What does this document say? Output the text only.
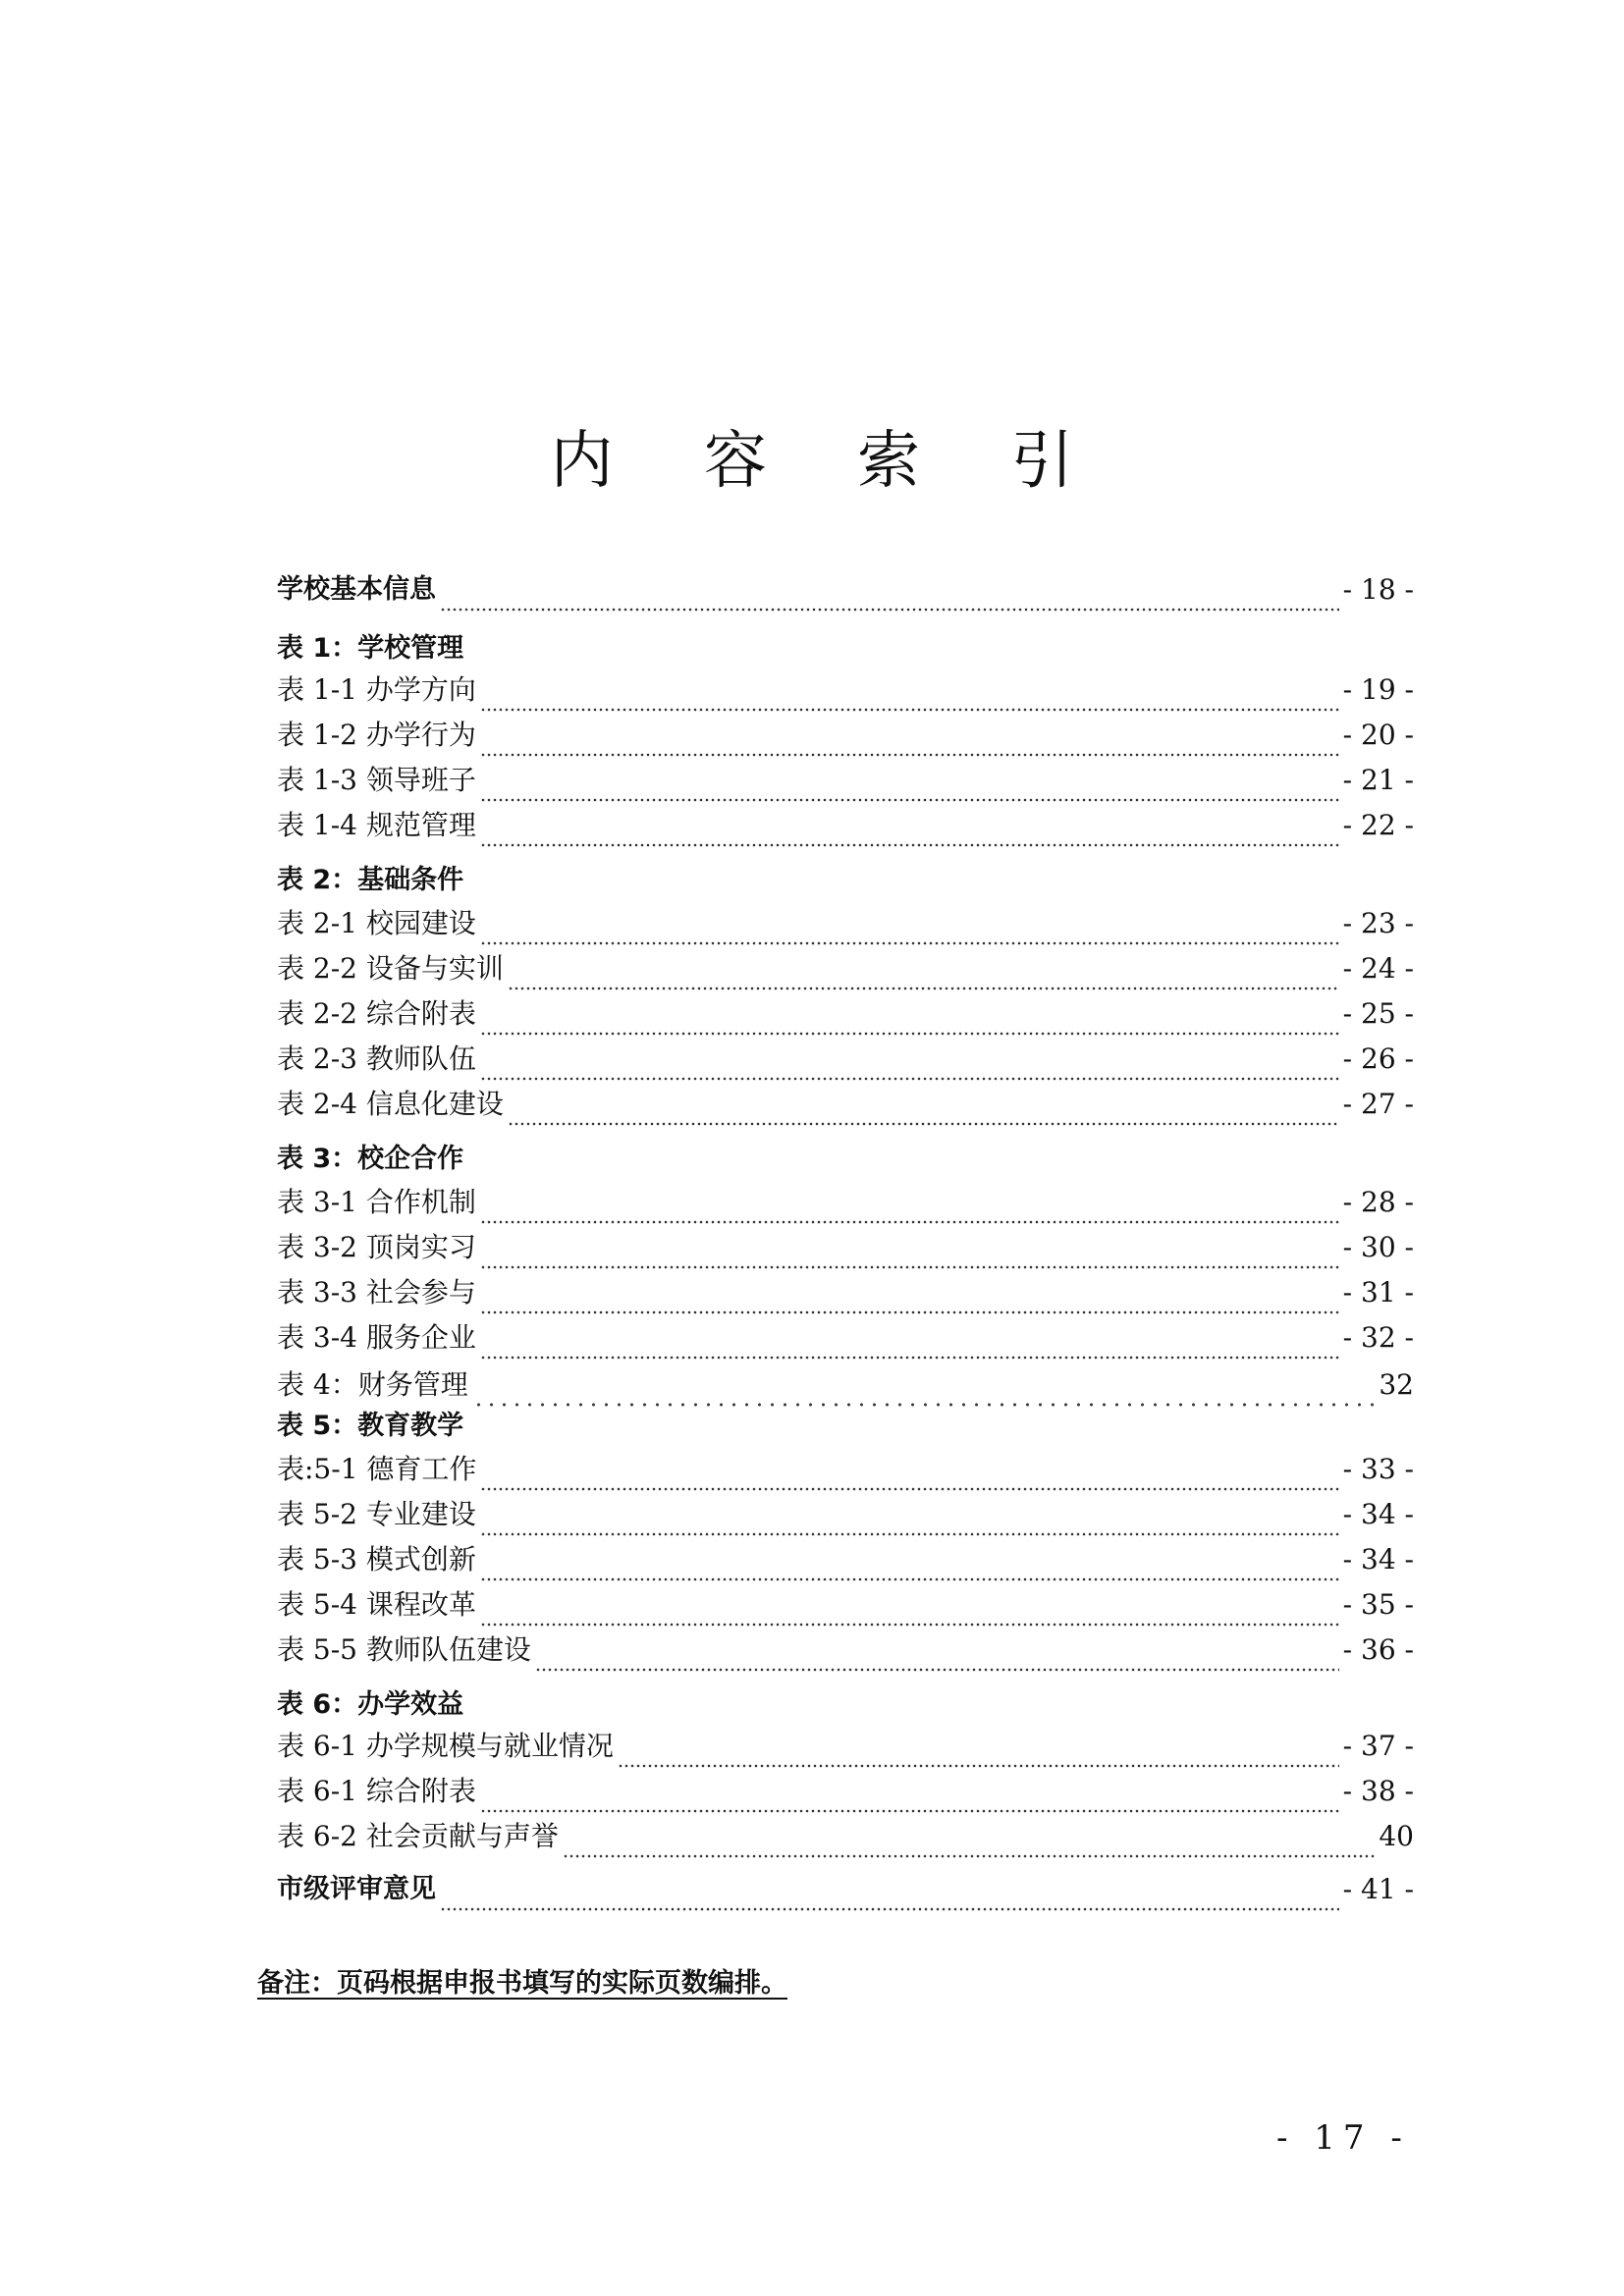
内 容 索 引
学校基本信息	- 18 -
表 1：学校管理
表 1-1 办学方向	- 19 -
表 1-2 办学行为	- 20 -
表 1-3 领导班子	- 21 -
表 1-4 规范管理	- 22 -
表 2：基础条件
表 2-1 校园建设	- 23 -
表 2-2 设备与实训	- 24 -
表 2-2 综合附表	- 25 -
表 2-3 教师队伍	- 26 -
表 2-4 信息化建设	- 27 -
表 3：校企合作
表 3-1 合作机制	- 28 -
表 3-2 顶岗实习	- 30 -
表 3-3 社会参与	- 31 -
表 3-4 服务企业	- 32 -
表 4：财务管理	32
表 5：教育教学
表:5-1 德育工作	- 33 -
表 5-2 专业建设	- 34 -
表 5-3 模式创新	- 34 -
表 5-4 课程改革	- 35 -
表 5-5 教师队伍建设	- 36 -
表 6：办学效益
表 6-1 办学规模与就业情况	- 37 -
表 6-1 综合附表	- 38 -
表 6-2 社会贡献与声誉	40
市级评审意见	- 41 -
备注：页码根据申报书填写的实际页数编排。
- 17 -
